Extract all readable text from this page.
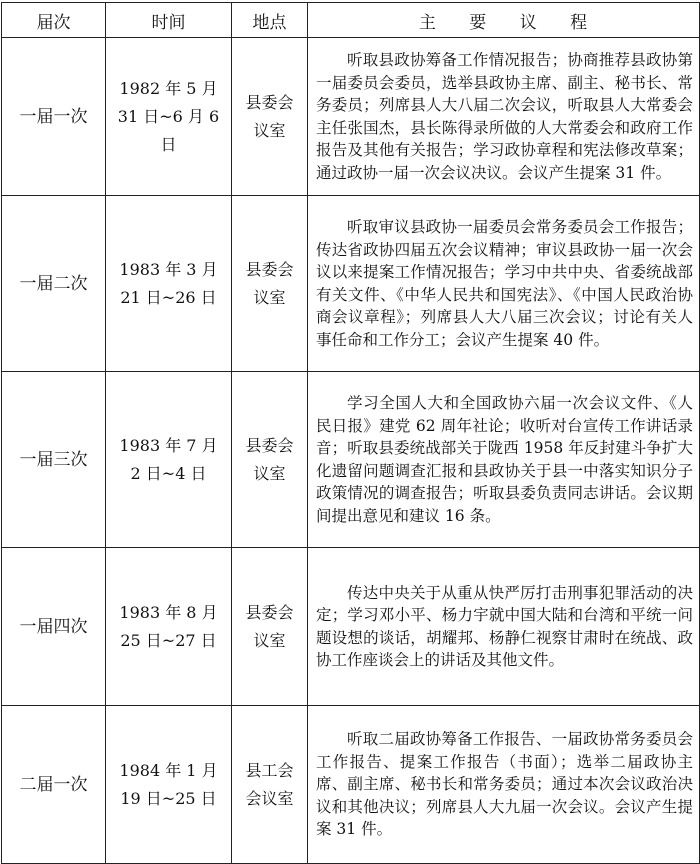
届次	时间	地点	主 要 议 程
一届一次	1982 年 5 月 31 日~6 月 6 日	县委会议室	听取县政协筹备工作情况报告；协商推荐县政协第一届委员会委员，选举县政协主席、副主、秘书长、常务委员；列席县人大八届二次会议，听取县人大常委会主任张国杰，县长陈得录所做的人大常委会和政府工作报告及其他有关报告；学习政协章程和宪法修改草案；通过政协一届一次会议决议。会议产生提案 31 件。
一届二次	1983 年 3 月 21 日~26 日	县委会议室	听取审议县政协一届委员会常务委员会工作报告；传达省政协四届五次会议精神；审议县政协一届一次会议以来提案工作情况报告；学习中共中央、省委统战部有关文件、《中华人民共和国宪法》、《中国人民政治协商会议章程》；列席县人大八届三次会议；讨论有关人事任命和工作分工；会议产生提案 40 件。
一届三次	1983 年 7 月 2 日~4 日	县委会议室	学习全国人大和全国政协六届一次会议文件、《人民日报》建党 62 周年社论；收听对台宣传工作讲话录音；听取县委统战部关于陇西 1958 年反封建斗争扩大化遗留问题调查汇报和县政协关于县一中落实知识分子政策情况的调查报告；听取县委负责同志讲话。会议期间提出意见和建议 16 条。
一届四次	1983 年 8 月 25 日~27 日	县委会议室	传达中央关于从重从快严厉打击刑事犯罪活动的决定；学习邓小平、杨力宇就中国大陆和台湾和平统一问题设想的谈话，胡耀邦、杨静仁视察甘肃时在统战、政协工作座谈会上的讲话及其他文件。
二届一次	1984 年 1 月 19 日~25 日	县工会会议室	听取二届政协筹备工作报告、一届政协常务委员会工作报告、提案工作报告（书面）；选举二届政协主席、副主席、秘书长和常务委员；通过本次会议政治决议和其他决议；列席县人大九届一次会议。会议产生提案 31 件。
